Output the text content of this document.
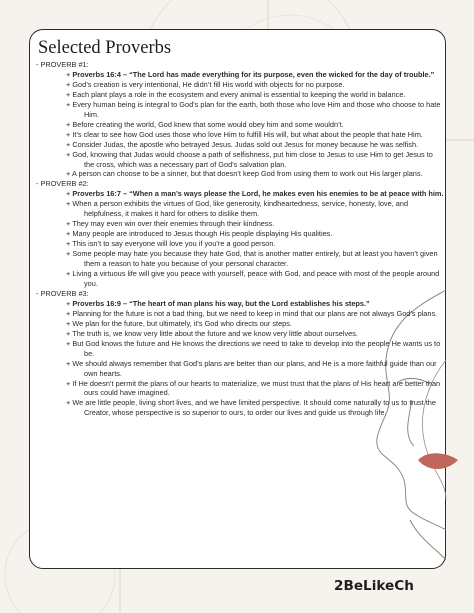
Selected Proverbs
- PROVERB #1:
+ Proverbs 16:4 – “The Lord has made everything for its purpose, even the wicked for the day of trouble.”
+ God’s creation is very intentional, He didn’t fill His world with objects for no purpose.
+ Each plant plays a role in the ecosystem and every animal is essential to keeping the world in balance.
+ Every human being is integral to God’s plan for the earth, both those who love Him and those who choose to hate Him.
+ Before creating the world, God knew that some would obey him and some wouldn’t.
+ It’s clear to see how God uses those who love Him to fulfill His will, but what about the people that hate Him.
+ Consider Judas, the apostle who betrayed Jesus. Judas sold out Jesus for money because he was selfish.
+ God, knowing that Judas would choose a path of selfishness, put him close to Jesus to use Him to get Jesus to the cross, which was a necessary part of God’s salvation plan.
+ A person can choose to be a sinner, but that doesn’t keep God from using them to work out His larger plans.
- PROVERB #2:
+ Proverbs 16:7 – “When a man’s ways please the Lord, he makes even his enemies to be at peace with him.
+ When a person exhibits the virtues of God, like generosity, kindheartedness, service, honesty, love, and helpfulness, it makes it hard for others to dislike them.
+ They may even win over their enemies through their kindness.
+ Many people are introduced to Jesus though His people displaying His qualities.
+ This isn’t to say everyone will love you if you’re a good person.
+ Some people may hate you because they hate God, that is another matter entirely, but at least you haven’t given them a reason to hate you because of your personal character.
+ Living a virtuous life will give you peace with yourself, peace with God, and peace with most of the people around you.
- PROVERB #3:
+ Proverbs 16:9 – “The heart of man plans his way, but the Lord establishes his steps.”
+ Planning for the future is not a bad thing, but we need to keep in mind that our plans are not always God’s plans.
+ We plan for the future, but ultimately, it’s God who directs our steps.
+ The truth is, we know very little about the future and we know very little about ourselves.
+ But God knows the future and He knows the directions we need to take to develop into the people He wants us to be.
+ We should always remember that God’s plans are better than our plans, and He is a more faithful guide than our own hearts.
+ If He doesn’t permit the plans of our hearts to materialize, we must trust that the plans of His heart are better than ours could have imagined.
+ We are little people, living short lives, and we have limited perspective. It should come naturally to us to trust the Creator, whose perspective is so superior to ours, to order our lives and guide us through life.
2BeLikeCh
